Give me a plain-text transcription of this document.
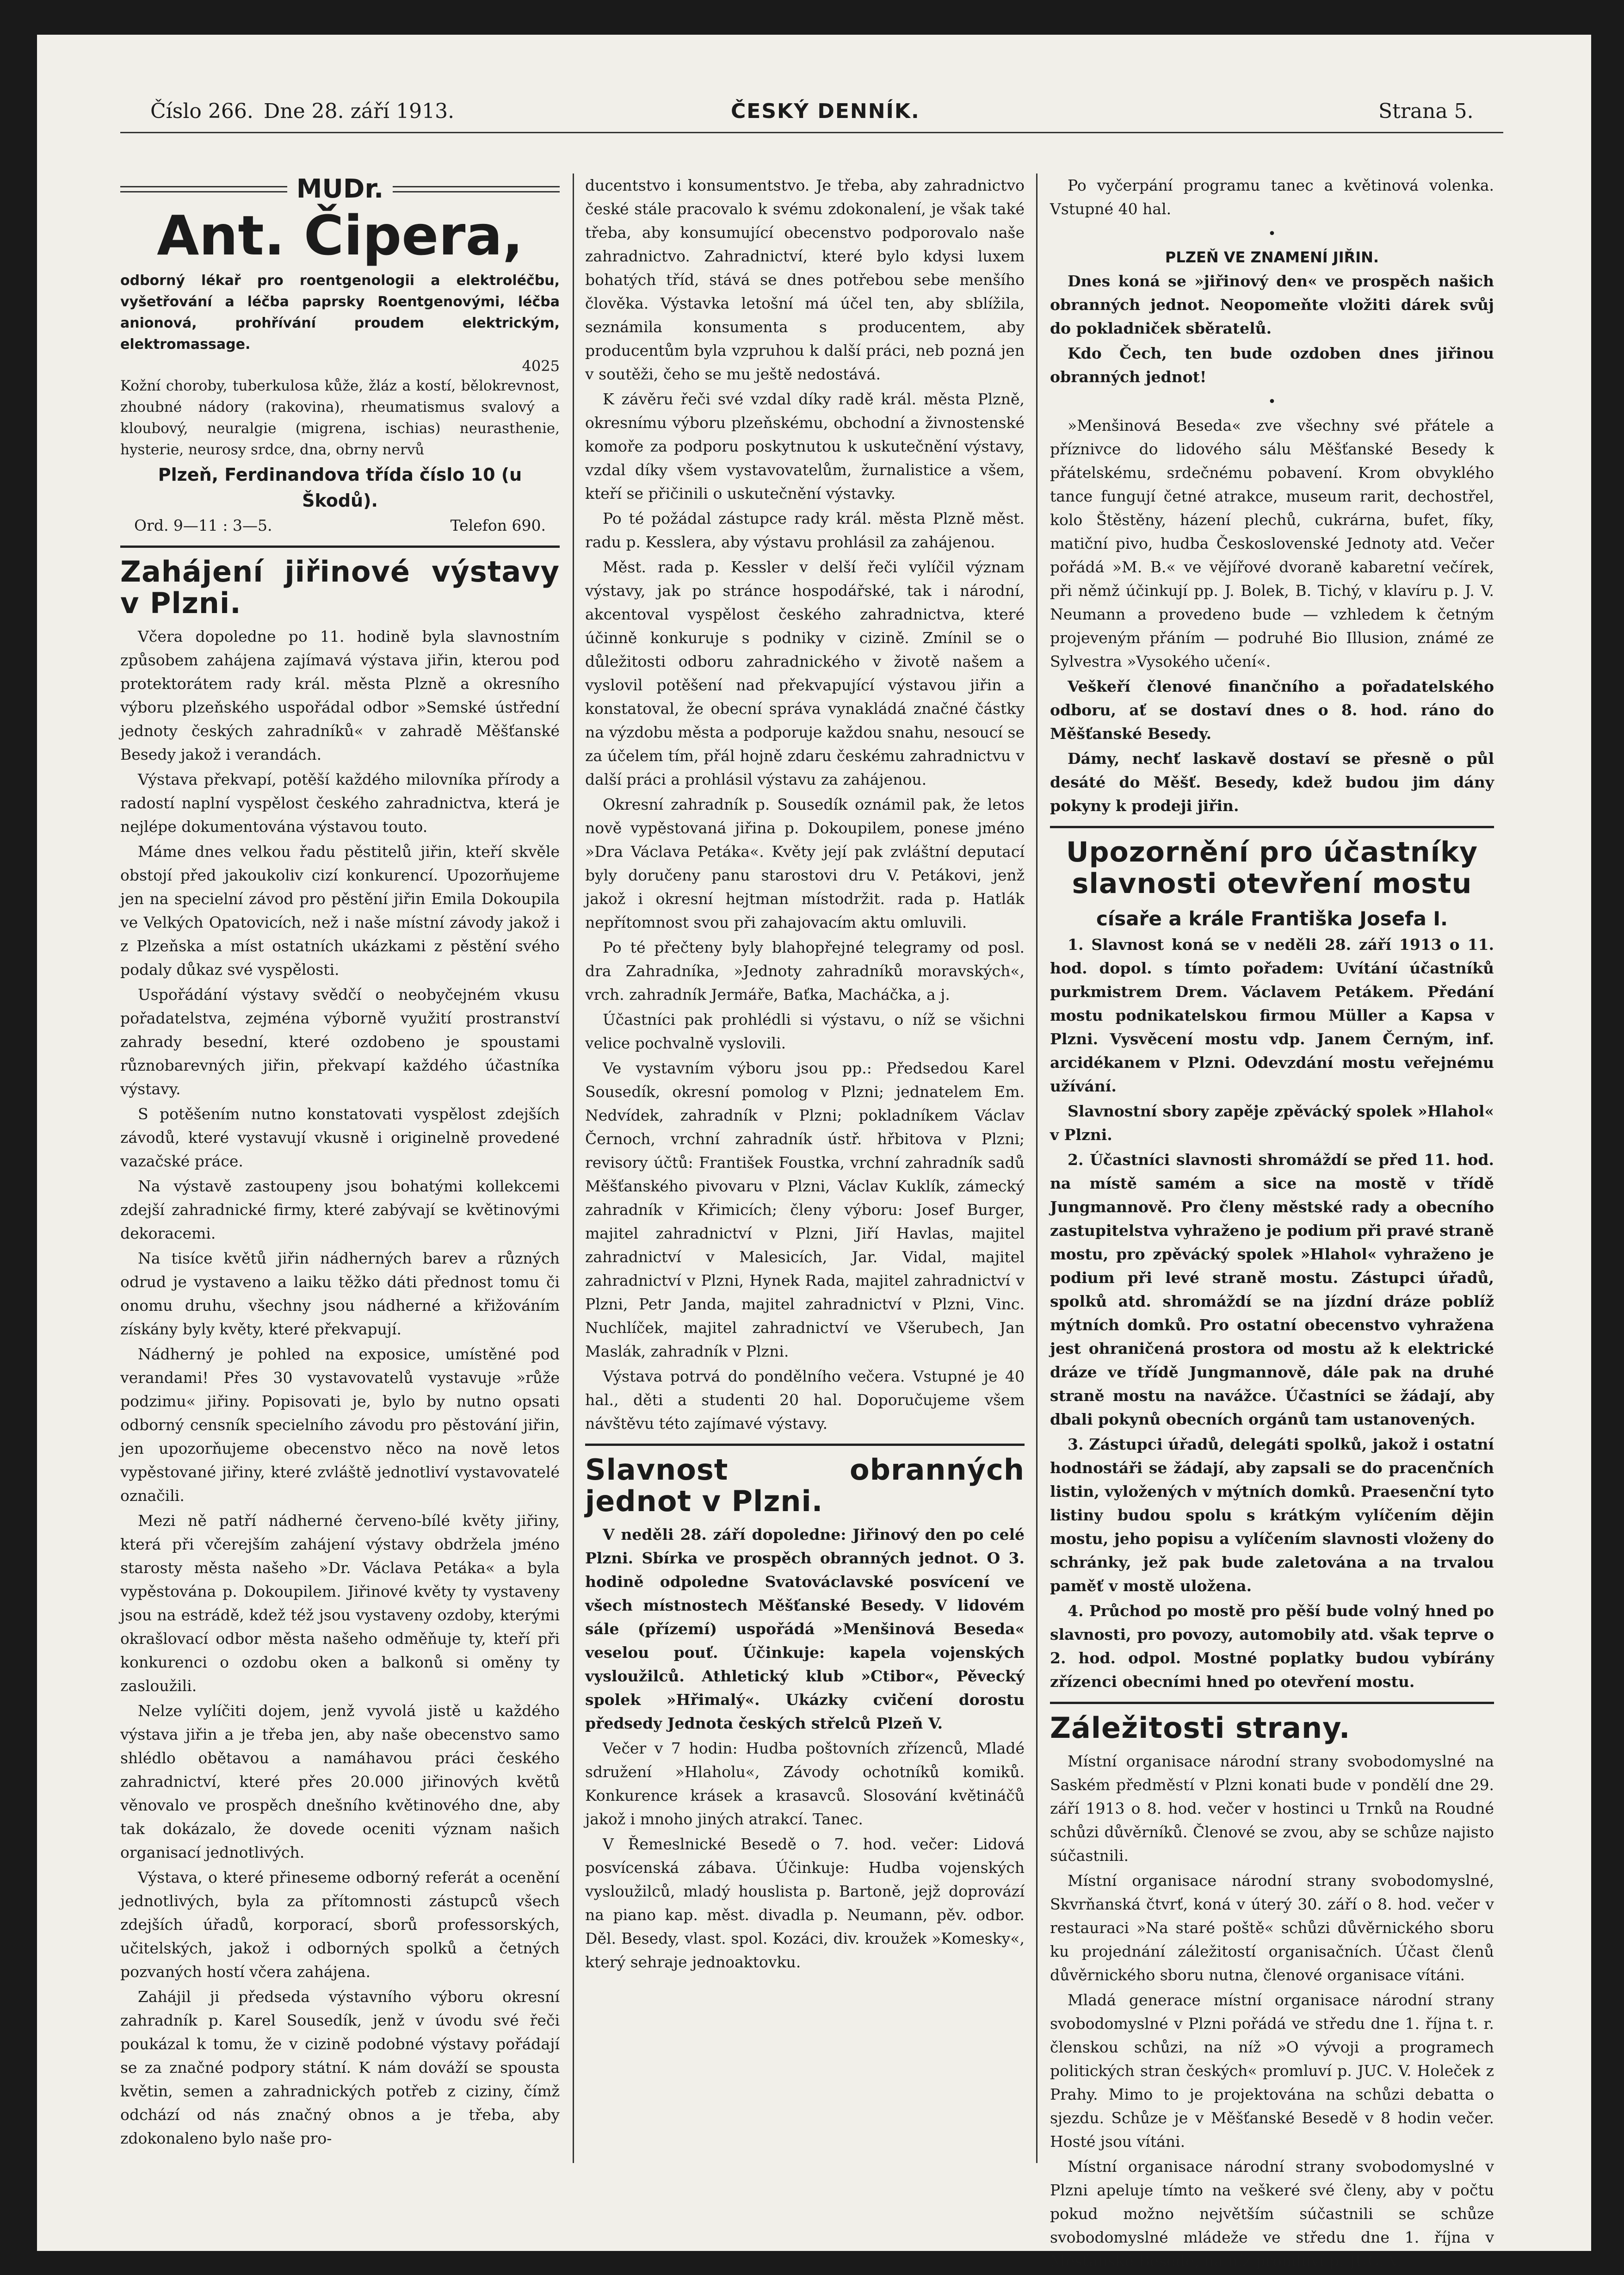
Číslo 266. Dne 28. září 1913.	ČESKÝ DENNÍK.	Strana 5.
MUDr.
Ant. Čipera,

odborný lékař pro roentgenologii a elektroléčbu, vyšetřování a léčba paprsky Roentgenovými, léčba anionová, prohřívání proudem elektrickým, elektromassage.

4025

Kožní choroby, tuberkulosa kůže, žláz a kostí, bělokrevnost, zhoubné nádory (rakovina), rheumatismus svalový a kloubový, neuralgie (migrena, ischias) neurasthenie, hysterie, neurosy srdce, dna, obrny nervů

Plzeň, Ferdinandova třída číslo 10 (u Škodů).
Ord. 9—11 : 3—5.	Telefon 690.
Zahájení jiřinové výstavy v Plzni.

Včera dopoledne po 11. hodině byla slavnostním způsobem zahájena zajímavá výstava jiřin, kterou pod protektorátem rady král. města Plzně a okresního výboru plzeňského uspořádal odbor »Semské ústřední jednoty českých zahradníků« v zahradě Měšťanské Besedy jakož i verandách.

Výstava překvapí, potěší každého milovníka přírody a radostí naplní vyspělost českého zahradnictva, která je nejlépe dokumentována výstavou touto.

Máme dnes velkou řadu pěstitelů jiřin, kteří skvěle obstojí před jakoukoliv cizí konkurencí. Upozorňujeme jen na specielní závod pro pěstění jiřin Emila Dokoupila ve Velkých Opatovicích, než i naše místní závody jakož i z Plzeňska a míst ostatních ukázkami z pěstění svého podaly důkaz své vyspělosti.

Uspořádání výstavy svědčí o neobyčejném vkusu pořadatelstva, zejména výborně využití prostranství zahrady besední, které ozdobeno je spoustami různobarevných jiřin, překvapí každého účastníka výstavy.

S potěšením nutno konstatovati vyspělost zdejších závodů, které vystavují vkusně i originelně provedené vazačské práce.

Na výstavě zastoupeny jsou bohatými kollekcemi zdejší zahradnické firmy, které zabývají se květinovými dekoracemi.

Na tisíce květů jiřin nádherných barev a různých odrud je vystaveno a laiku těžko dáti přednost tomu či onomu druhu, všechny jsou nádherné a křižováním získány byly květy, které překvapují.

Nádherný je pohled na exposice, umístěné pod verandami! Přes 30 vystavovatelů vystavuje »růže podzimu« jiřiny. Popisovati je, bylo by nutno opsati odborný censník specielního závodu pro pěstování jiřin, jen upozorňujeme obecenstvo něco na nově letos vypěstované jiřiny, které zvláště jednotliví vystavovatelé označili.

Mezi ně patří nádherné červeno-bílé květy jiřiny, která při včerejším zahájení výstavy obdržela jméno starosty města našeho »Dr. Václava Petáka« a byla vypěstována p. Dokoupilem. Jiřinové květy ty vystaveny jsou na estrádě, kdež též jsou vystaveny ozdoby, kterými okrašlovací odbor města našeho odměňuje ty, kteří při konkurenci o ozdobu oken a balkonů si oměny ty zasloužili.

Nelze vylíčiti dojem, jenž vyvolá jistě u každého výstava jiřin a je třeba jen, aby naše obecenstvo samo shlédlo obětavou a namáhavou práci českého zahradnictví, které přes 20.000 jiřinových květů věnovalo ve prospěch dnešního květinového dne, aby tak dokázalo, že dovede oceniti význam našich organisací jednotlivých.

Výstava, o které přineseme odborný referát a ocenění jednotlivých, byla za přítomnosti zástupců všech zdejších úřadů, korporací, sborů professorských, učitelských, jakož i odborných spolků a četných pozvaných hostí včera zahájena.

Zahájil ji předseda výstavního výboru okresní zahradník p. Karel Sousedík, jenž v úvodu své řeči poukázal k tomu, že v cizině podobné výstavy pořádají se za značné podpory státní. K nám dováží se spousta květin, semen a zahradnických potřeb z ciziny, čímž odchází od nás značný obnos a je třeba, aby zdokonaleno bylo naše pro-

ducentstvo i konsumentstvo. Je třeba, aby zahradnictvo české stále pracovalo k svému zdokonalení, je však také třeba, aby konsumující obecenstvo podporovalo naše zahradnictvo. Zahradnictví, které bylo kdysi luxem bohatých tříd, stává se dnes potřebou sebe menšího člověka. Výstavka letošní má účel ten, aby sblížila, seznámila konsumenta s producentem, aby producentům byla vzpruhou k další práci, neb pozná jen v soutěži, čeho se mu ještě nedostává.

K závěru řeči své vzdal díky radě král. města Plzně, okresnímu výboru plzeňskému, obchodní a živnostenské komoře za podporu poskytnutou k uskutečnění výstavy, vzdal díky všem vystavovatelům, žurnalistice a všem, kteří se přičinili o uskutečnění výstavky.

Po té požádal zástupce rady král. města Plzně měst. radu p. Kesslera, aby výstavu prohlásil za zahájenou.

Měst. rada p. Kessler v delší řeči vylíčil význam výstavy, jak po stránce hospodářské, tak i národní, akcentoval vyspělost českého zahradnictva, které účinně konkuruje s podniky v cizině. Zmínil se o důležitosti odboru zahradnického v životě našem a vyslovil potěšení nad překvapující výstavou jiřin a konstatoval, že obecní správa vynakládá značné částky na výzdobu města a podporuje každou snahu, nesoucí se za účelem tím, přál hojně zdaru českému zahradnictvu v další práci a prohlásil výstavu za zahájenou.

Okresní zahradník p. Sousedík oznámil pak, že letos nově vypěstovaná jiřina p. Dokoupilem, ponese jméno »Dra Václava Petáka«. Květy její pak zvláštní deputací byly doručeny panu starostovi dru V. Petákovi, jenž jakož i okresní hejtman místodržit. rada p. Hatlák nepřítomnost svou při zahajovacím aktu omluvili.

Po té přečteny byly blahopřejné telegramy od posl. dra Zahradníka, »Jednoty zahradníků moravských«, vrch. zahradník Jermáře, Baťka, Macháčka, a j.

Účastníci pak prohlédli si výstavu, o níž se všichni velice pochvalně vyslovili.

Ve vystavním výboru jsou pp.: Předsedou Karel Sousedík, okresní pomolog v Plzni; jednatelem Em. Nedvídek, zahradník v Plzni; pokladníkem Václav Černoch, vrchní zahradník ústř. hřbitova v Plzni; revisory účtů: František Foustka, vrchní zahradník sadů Měšťanského pivovaru v Plzni, Václav Kuklík, zámecký zahradník v Křimicích; členy výboru: Josef Burger, majitel zahradnictví v Plzni, Jiří Havlas, majitel zahradnictví v Malesicích, Jar. Vidal, majitel zahradnictví v Plzni, Hynek Rada, majitel zahradnictví v Plzni, Petr Janda, majitel zahradnictví v Plzni, Vinc. Nuchlíček, majitel zahradnictví ve Všerubech, Jan Maslák, zahradník v Plzni.

Výstava potrvá do pondělního večera. Vstupné je 40 hal., děti a studenti 20 hal. Doporučujeme všem návštěvu této zajímavé výstavy.

Slavnost obranných jednot v Plzni.

V neděli 28. září dopoledne: Jiřinový den po celé Plzni. Sbírka ve prospěch obranných jednot. O 3. hodině odpoledne Svatováclavské posvícení ve všech místnostech Měšťanské Besedy. V lidovém sále (přízemí) uspořádá »Menšinová Beseda« veselou pouť. Účinkuje: kapela vojenských vysloužilců. Athletický klub »Ctibor«, Pěvecký spolek »Hřimalý«. Ukázky cvičení dorostu předsedy Jednota českých střelců Plzeň V.

Večer v 7 hodin: Hudba poštovních zřízenců, Mladé sdružení »Hlaholu«, Závody ochotníků komiků. Konkurence krásek a krasavců. Slosování květináčů jakož i mnoho jiných atrakcí. Tanec.

V Řemeslnické Besedě o 7. hod. večer: Lidová posvícenská zábava. Účinkuje: Hudba vojenských vysloužilců, mladý houslista p. Bartoně, jejž doprovází na piano kap. měst. divadla p. Neumann, pěv. odbor. Děl. Besedy, vlast. spol. Kozáci, div. kroužek »Komesky«, který sehraje jednoaktovku.

Po vyčerpání programu tanec a květinová volenka. Vstupné 40 hal.

•
PLZEŇ VE ZNAMENÍ JIŘIN.

Dnes koná se »jiřinový den« ve prospěch našich obranných jednot. Neopomeňte vložiti dárek svůj do pokladniček sběratelů.

Kdo Čech, ten bude ozdoben dnes jiřinou obranných jednot!

•

»Menšinová Beseda« zve všechny své přátele a příznivce do lidového sálu Měšťanské Besedy k přátelskému, srdečnému pobavení. Krom obvyklého tance fungují četné atrakce, museum rarit, dechostřel, kolo Štěstěny, házení plechů, cukrárna, bufet, fíky, matiční pivo, hudba Československé Jednoty atd. Večer pořádá »M. B.« ve vějířové dvoraně kabaretní večírek, při němž účinkují pp. J. Bolek, B. Tichý, v klavíru p. J. V. Neumann a provedeno bude — vzhledem k četným projeveným přáním — podruhé Bio Illusion, známé ze Sylvestra »Vysokého učení«.

Veškeří členové finančního a pořadatelského odboru, ať se dostaví dnes o 8. hod. ráno do Měšťanské Besedy.

Dámy, nechť laskavě dostaví se přesně o půl desáté do Měšť. Besedy, kdež budou jim dány pokyny k prodeji jiřin.

Upozornění pro účastníky slavnosti otevření mostu
císaře a krále Františka Josefa I.

1. Slavnost koná se v neděli 28. září 1913 o 11. hod. dopol. s tímto pořadem: Uvítání účastníků purkmistrem Drem. Václavem Petákem. Předání mostu podnikatelskou firmou Müller a Kapsa v Plzni. Vysvěcení mostu vdp. Janem Černým, inf. arcidékanem v Plzni. Odevzdání mostu veřejnému užívání.

Slavnostní sbory zapěje zpěvácký spolek »Hlahol« v Plzni.

2. Účastníci slavnosti shromáždí se před 11. hod. na místě samém a sice na mostě v třídě Jungmannově. Pro členy městské rady a obecního zastupitelstva vyhraženo je podium při pravé straně mostu, pro zpěvácký spolek »Hlahol« vyhraženo je podium při levé straně mostu. Zástupci úřadů, spolků atd. shromáždí se na jízdní dráze poblíž mýtních domků. Pro ostatní obecenstvo vyhražena jest ohraničená prostora od mostu až k elektrické dráze ve třídě Jungmannově, dále pak na druhé straně mostu na navážce. Účastníci se žádají, aby dbali pokynů obecních orgánů tam ustanovených.

3. Zástupci úřadů, delegáti spolků, jakož i ostatní hodnostáři se žádají, aby zapsali se do pracenčních listin, vyložených v mýtních domků. Praesenční tyto listiny budou spolu s krátkým vylíčením dějin mostu, jeho popisu a vylíčením slavnosti vloženy do schránky, jež pak bude zaletována a na trvalou paměť v mostě uložena.

4. Průchod po mostě pro pěší bude volný hned po slavnosti, pro povozy, automobily atd. však teprve o 2. hod. odpol. Mostné poplatky budou vybírány zřízenci obecními hned po otevření mostu.

Záležitosti strany.

Místní organisace národní strany svobodomyslné na Saském předměstí v Plzni konati bude v pondělí dne 29. září 1913 o 8. hod. večer v hostinci u Trnků na Roudné schůzi důvěrníků. Členové se zvou, aby se schůze najisto súčastnili.

Místní organisace národní strany svobodomyslné, Skvrňanská čtvrť, koná v úterý 30. září o 8. hod. večer v restauraci »Na staré poště« schůzi důvěrnického sboru ku projednání záležitostí organisačních. Účast členů důvěrnického sboru nutna, členové organisace vítáni.

Mladá generace místní organisace národní strany svobodomyslné v Plzni pořádá ve středu dne 1. října t. r. členskou schůzi, na níž »O vývoji a programech politických stran českých« promluví p. JUC. V. Holeček z Prahy. Mimo to je projektována na schůzi debatta o sjezdu. Schůze je v Měšťanské Besedě v 8 hodin večer. Hosté jsou vítáni.

Místní organisace národní strany svobodomyslné v Plzni apeluje tímto na veškeré své členy, aby v počtu pokud možno největším súčastnili se schůze svobodomyslné mládeže ve středu dne 1. října v Měšťanské Besedě, na níž promluví p. JUC. V.
